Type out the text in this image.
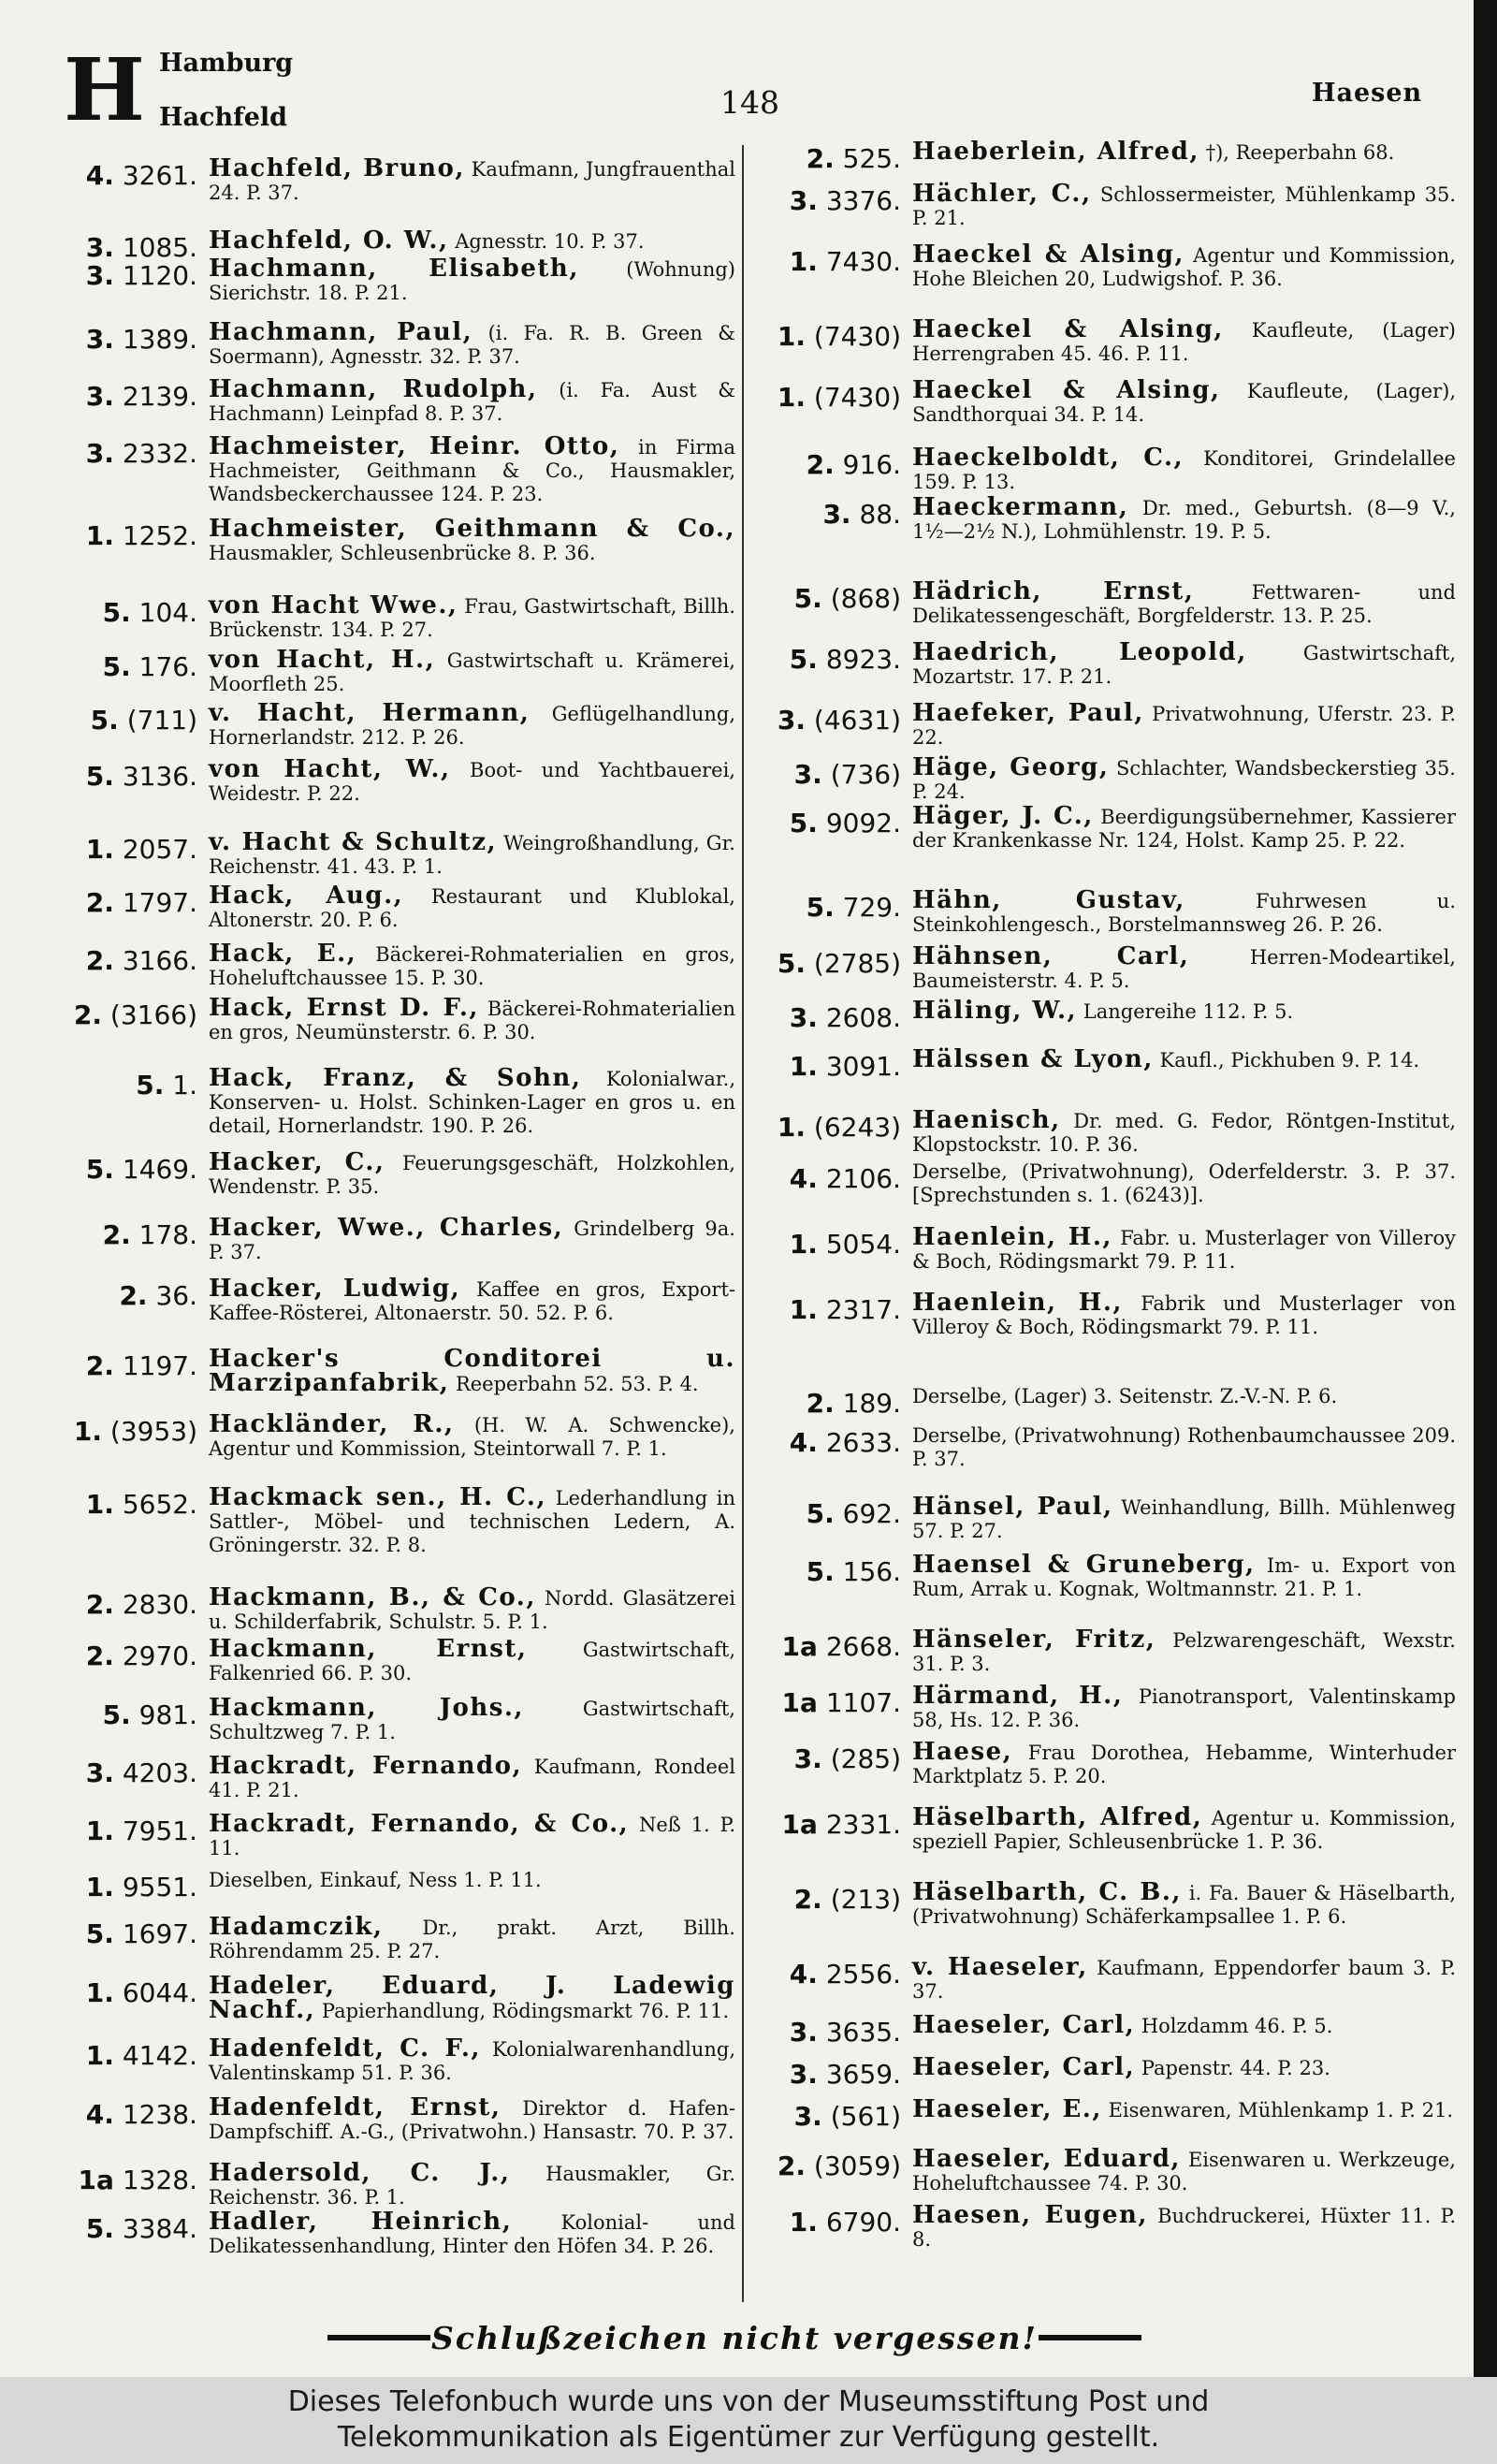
H Hamburg
Hachfeld	148	Haesen
4. 3261. Hachfeld, Bruno, Kaufmann, Jungfrauenthal 24. P. 37.
3. 1085. Hachfeld, O. W., Agnesstr. 10. P. 37.
3. 1120. Hachmann, Elisabeth, (Wohnung) Sierichstr. 18. P. 21.
3. 1389. Hachmann, Paul, (i. Fa. R. B. Green & Soermann), Agnesstr. 32. P. 37.
3. 2139. Hachmann, Rudolph, (i. Fa. Aust & Hachmann) Leinpfad 8. P. 37.
3. 2332. Hachmeister, Heinr. Otto, in Firma Hachmeister, Geithmann & Co., Hausmakler, Wandsbeckerchaussee 124. P. 23.
1. 1252. Hachmeister, Geithmann & Co., Hausmakler, Schleusenbrücke 8. P. 36.
5. 104. von Hacht Wwe., Frau, Gastwirtschaft, Billh. Brückenstr. 134. P. 27.
5. 176. von Hacht, H., Gastwirtschaft u. Krämerei, Moorfleth 25.
5. (711) v. Hacht, Hermann, Geflügelhandlung, Hornerlandstr. 212. P. 26.
5. 3136. von Hacht, W., Boot- und Yachtbauerei, Weidestr. P. 22.
1. 2057. v. Hacht & Schultz, Weingroßhandlung, Gr. Reichenstr. 41. 43. P. 1.
2. 1797. Hack, Aug., Restaurant und Klublokal, Altonerstr. 20. P. 6.
2. 3166. Hack, E., Bäckerei-Rohmaterialien en gros, Hoheluftchaussee 15. P. 30.
2. (3166) Hack, Ernst D. F., Bäckerei-Rohmaterialien en gros, Neumünsterstr. 6. P. 30.
5. 1. Hack, Franz, & Sohn, Kolonialwar., Konserven- u. Holst. Schinken-Lager en gros u. en detail, Hornerlandstr. 190. P. 26.
5. 1469. Hacker, C., Feuerungsgeschäft, Holzkohlen, Wendenstr. P. 35.
2. 178. Hacker, Wwe., Charles, Grindelberg 9a. P. 37.
2. 36. Hacker, Ludwig, Kaffee en gros, Export-Kaffee-Rösterei, Altonaerstr. 50. 52. P. 6.
2. 1197. Hacker's Conditorei u. Marzipanfabrik, Reeperbahn 52. 53. P. 4.
1. (3953) Hackländer, R., (H. W. A. Schwencke), Agentur und Kommission, Steintorwall 7. P. 1.
1. 5652. Hackmack sen., H. C., Lederhandlung in Sattler-, Möbel- und technischen Ledern, A. Gröningerstr. 32. P. 8.
2. 2830. Hackmann, B., & Co., Nordd. Glasätzerei u. Schilderfabrik, Schulstr. 5. P. 1.
2. 2970. Hackmann, Ernst,	Gastwirtschaft, Falkenried 66. P. 30.
5. 981. Hackmann, Johs.,	Gastwirtschaft, Schultzweg 7. P. 1.
3. 4203. Hackradt, Fernando, Kaufmann, Rondeel 41. P. 21.
1. 7951. Hackradt, Fernando, & Co., Neß 1. P. 11.
1. 9551. Dieselben, Einkauf, Ness 1. P. 11.
5. 1697. Hadamczik, Dr., prakt. Arzt, Billh. Röhrendamm 25. P. 27.
1. 6044. Hadeler, Eduard, J. Ladewig Nachf., Papierhandlung, Rödingsmarkt 76. P. 11.
1. 4142. Hadenfeldt, C. F., Kolonialwarenhandlung, Valentinskamp 51. P. 36.
4. 1238. Hadenfeldt, Ernst, Direktor d. Hafen-Dampfschiff. A.-G., (Privatwohn.) Hansastr. 70. P. 37.
1a 1328. Hadersold, C. J., Hausmakler, Gr. Reichenstr. 36. P. 1.
5. 3384. Hadler, Heinrich, Kolonial- und Delikatessenhandlung, Hinter den Höfen 34. P. 26.
2. 525. Haeberlein, Alfred, †), Reeperbahn 68.
3. 3376. Hächler, C., Schlossermeister, Mühlenkamp 35. P. 21.
1. 7430. Haeckel & Alsing, Agentur und Kommission, Hohe Bleichen 20, Ludwigshof. P. 36.
1. (7430) Haeckel & Alsing, Kaufleute, (Lager) Herrengraben 45. 46. P. 11.
1. (7430) Haeckel & Alsing, Kaufleute, (Lager), Sandthorquai 34. P. 14.
2. 916. Haeckelboldt, C., Konditorei, Grindelallee 159. P. 13.
3. 88. Haeckermann, Dr. med., Geburtsh. (8—9 V., 1½—2½ N.), Lohmühlenstr. 19. P. 5.
5. (868) Hädrich, Ernst,	Fettwaren- und Delikatessengeschäft, Borgfelderstr. 13. P. 25.
5. 8923. Haedrich, Leopold,	Gastwirtschaft, Mozartstr. 17. P. 21.
3. (4631) Haefeker, Paul, Privatwohnung, Uferstr. 23. P. 22.
3. (736) Häge, Georg, Schlachter, Wandsbeckerstieg 35. P. 24.
5. 9092. Häger, J. C., Beerdigungsübernehmer, Kassierer der Krankenkasse Nr. 124, Holst. Kamp 25. P. 22.
5. 729. Hähn, Gustav,	Fuhrwesen u. Steinkohlengesch., Borstelmannsweg 26. P. 26.
5. (2785) Hähnsen, Carl,	Herren-Modeartikel, Baumeisterstr. 4. P. 5.
3. 2608. Häling, W., Langereihe 112. P. 5.
1. 3091. Hälssen & Lyon, Kaufl., Pickhuben 9. P. 14.
1. (6243) Haenisch, Dr. med. G. Fedor, Röntgen-Institut, Klopstockstr. 10. P. 36.
4. 2106. Derselbe, (Privatwohnung), Oderfelderstr. 3. P. 37. [Sprechstunden s. 1. (6243)].
1. 5054. Haenlein, H., Fabr. u. Musterlager von Villeroy & Boch, Rödingsmarkt 79. P. 11.
1. 2317. Haenlein, H., Fabrik und Musterlager von Villeroy & Boch, Rödingsmarkt 79. P. 11.
2. 189. Derselbe, (Lager) 3. Seitenstr. Z.-V.-N. P. 6.
4. 2633. Derselbe, (Privatwohnung) Rothenbaumchaussee 209. P. 37.
5. 692. Hänsel, Paul, Weinhandlung, Billh. Mühlenweg 57. P. 27.
5. 156. Haensel & Gruneberg, Im- u. Export von Rum, Arrak u. Kognak, Woltmannstr. 21. P. 1.
1a 2668. Hänseler, Fritz, Pelzwarengeschäft, Wexstr. 31. P. 3.
1a 1107. Härmand, H., Pianotransport, Valentinskamp 58, Hs. 12. P. 36.
3. (285) Haese, Frau Dorothea, Hebamme, Winterhuder Marktplatz 5. P. 20.
1a 2331. Häselbarth, Alfred, Agentur u. Kommission, speziell Papier, Schleusenbrücke 1. P. 36.
2. (213) Häselbarth, C. B., i. Fa. Bauer & Häselbarth, (Privatwohnung) Schäferkampsallee 1. P. 6.
4. 2556. v. Haeseler, Kaufmann, Eppendorfer baum 3. P. 37.
3. 3635. Haeseler, Carl, Holzdamm 46. P. 5.
3. 3659. Haeseler, Carl, Papenstr. 44. P. 23.
3. (561) Haeseler, E., Eisenwaren, Mühlenkamp 1. P. 21.
2. (3059) Haeseler, Eduard, Eisenwaren u. Werkzeuge, Hoheluftchaussee 74. P. 30.
1. 6790. Haesen, Eugen, Buchdruckerei, Hüxter 11. P. 8.
Schlußzeichen nicht vergessen!
Dieses Telefonbuch wurde uns von der Museumsstiftung Post und
Telekommunikation als Eigentümer zur Verfügung gestellt.
